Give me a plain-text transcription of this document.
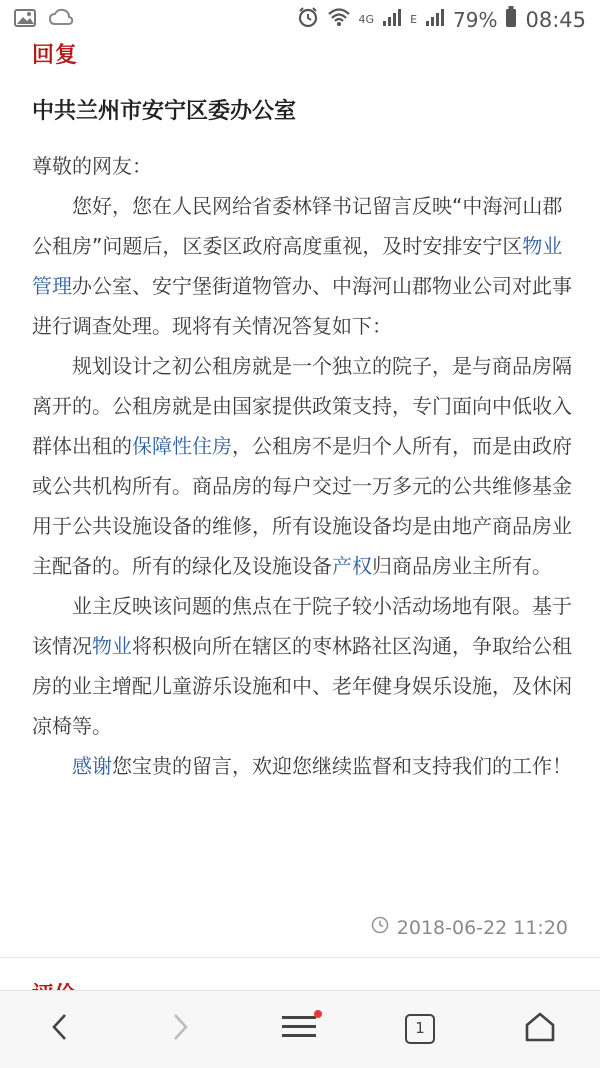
4G	E 79% 08:45
回复
中共兰州市安宁区委办公室

尊敬的网友：

您好，您在人民网给省委林铎书记留言反映“中海河山郡公租房”问题后，区委区政府高度重视，及时安排安宁区物业管理办公室、安宁堡街道物管办、中海河山郡物业公司对此事进行调查处理。现将有关情况答复如下：

规划设计之初公租房就是一个独立的院子，是与商品房隔离开的。公租房就是由国家提供政策支持，专门面向中低收入群体出租的保障性住房，公租房不是归个人所有，而是由政府或公共机构所有。商品房的每户交过一万多元的公共维修基金用于公共设施设备的维修，所有设施设备均是由地产商品房业主配备的。所有的绿化及设施设备产权归商品房业主所有。

业主反映该问题的焦点在于院子较小活动场地有限。基于该情况物业将积极向所在辖区的枣林路社区沟通，争取给公租房的业主增配儿童游乐设施和中、老年健身娱乐设施，及休闲凉椅等。

感谢您宝贵的留言，欢迎您继续监督和支持我们的工作！

2018-06-22 11:20
1
